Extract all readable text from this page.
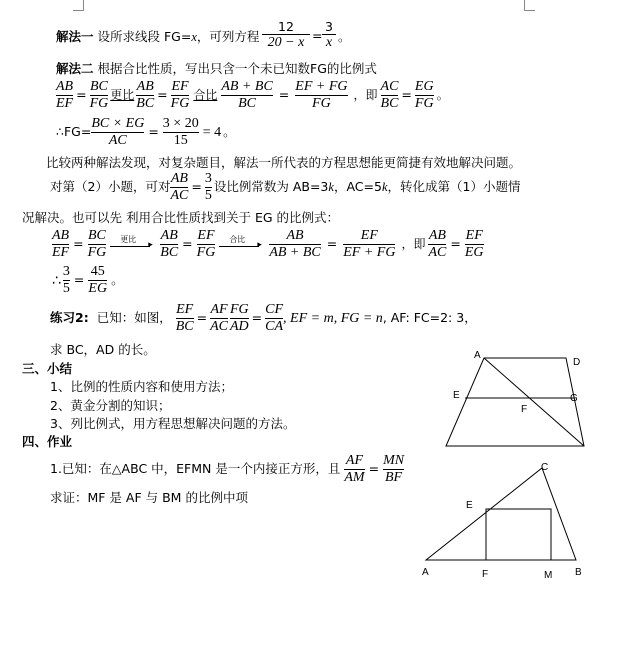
解法一 设所求线段 FG=x，可列方程 $\frac{12}{20 - x} = \frac{3}{x}$ 。
解法二 根据合比性质，写出只含一个未已知数FG的比例式
$\frac{AB}{EF} = \frac{BC}{FG}$ 更比 $\frac{AB}{BC} = \frac{EF}{FG}$ 合比 $\frac{AB + BC}{BC} = \frac{EF + FG}{FG}$ ，即 $\frac{AC}{BC} = \frac{EG}{FG}$ 。
∴FG= $\frac{BC \times EG}{AC} = \frac{3 \times 20}{15} = 4$ 。
比较两种解法发现，对复杂题目，解法一所代表的方程思想能更简捷有效地解决问题。
对第（2）小题，可对 $\frac{AB}{AC} = \frac{3}{5}$ 设比例常数为 AB=3 k ，AC=5 k ，转化成第（1）小题情
况解决。也可以先 利用合比性质找到关于 EG 的比例式：
$\frac{AB}{EF} = \frac{BC}{FG}$ 更比
▸ $\frac{AB}{BC} = \frac{EF}{FG}$ 合比
▸ $\frac{AB}{AB + BC} = \frac{EF}{EF + FG}$ ，即 $\frac{AB}{AC} = \frac{EF}{EG}$
∴ $\frac{3}{5} = \frac{45}{EG}$ 。
练习2: 已知：如图， $\frac{EF}{BC} = \frac{AF}{AC} \frac{FG}{AD} = \frac{CF}{CA}$ , EF = m, FG = n , AF: FC=2: 3，
求 BC，AD 的长。
三、小结
1、比例的性质内容和使用方法；
2、黄金分割的知识；
3、列比例式，用方程思想解决问题的方法。
四、作业
1.已知：在△ABC 中，EFMN 是一个内接正方形，且 $\frac{AF}{AM} = \frac{MN}{BF}$
求证：MF 是 AF 与 BM 的比例中项
A
D
E
F
G
A	B
C
E
F	M
